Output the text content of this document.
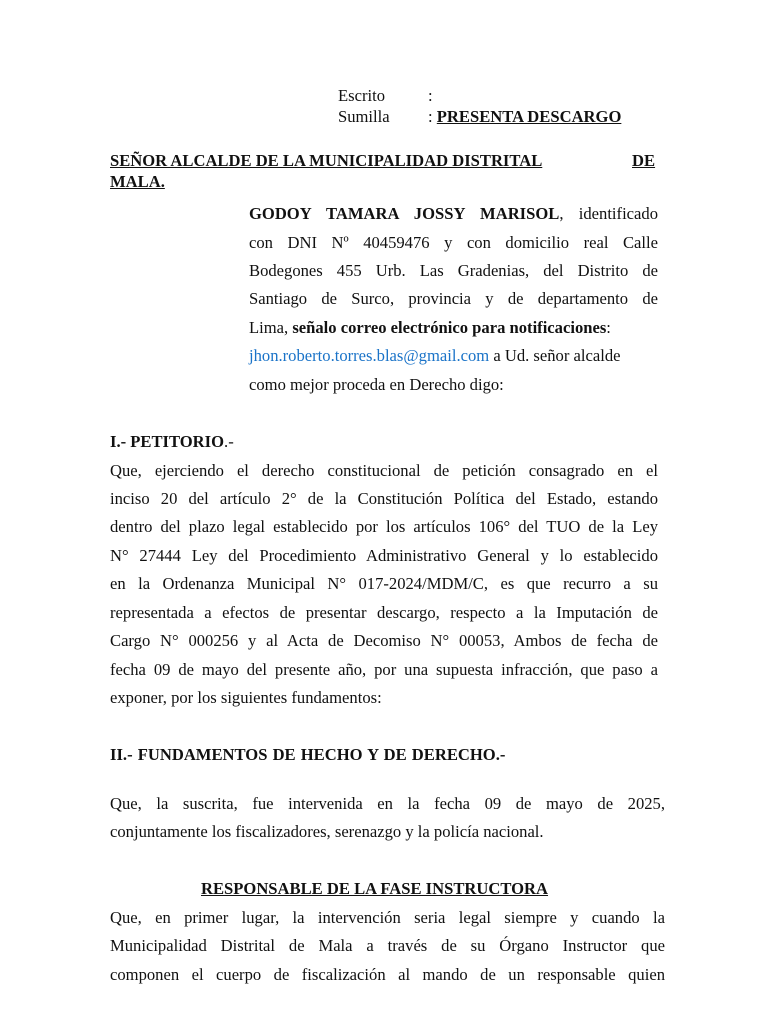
Escrito	:
Sumilla : PRESENTA DESCARGO
SEÑOR ALCALDE DE LA MUNICIPALIDAD DISTRITAL	DE
MALA.
GODOY TAMARA JOSSY MARISOL, identificado
con DNI Nº 40459476 y con domicilio real Calle
Bodegones 455 Urb. Las Gradenias, del Distrito de
Santiago de Surco, provincia y de departamento de
Lima, señalo correo electrónico para notificaciones:
jhon.roberto.torres.blas@gmail.com a Ud. señor alcalde
como mejor proceda en Derecho digo:
I.- PETITORIO.-
Que, ejerciendo el derecho constitucional de petición consagrado en el
inciso 20 del artículo 2° de la Constitución Política del Estado, estando
dentro del plazo legal establecido por los artículos 106° del TUO de la Ley
N° 27444 Ley del Procedimiento Administrativo General y lo establecido
en la Ordenanza Municipal N° 017-2024/MDM/C, es que recurro a su
representada a efectos de presentar descargo, respecto a la Imputación de
Cargo N° 000256 y al Acta de Decomiso N° 00053, Ambos de fecha de
fecha 09 de mayo del presente año, por una supuesta infracción, que paso a
exponer, por los siguientes fundamentos:
II.- FUNDAMENTOS DE HECHO Y DE DERECHO.-
Que, la suscrita, fue intervenida en la fecha 09 de mayo de 2025,
conjuntamente los fiscalizadores, serenazgo y la policía nacional.
RESPONSABLE DE LA FASE INSTRUCTORA
Que, en primer lugar, la intervención seria legal siempre y cuando la
Municipalidad Distrital de Mala a través de su Órgano Instructor que
componen el cuerpo de fiscalización al mando de un responsable quien
